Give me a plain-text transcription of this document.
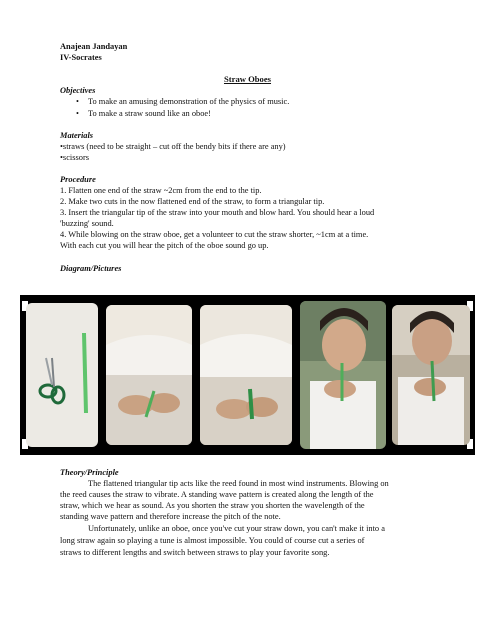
Anajean Jandayan
IV-Socrates
Straw Oboes
Objectives
• To make an amusing demonstration of the physics of music.
• To make a straw sound like an oboe!
Materials
•straws (need to be straight – cut off the bendy bits if there are any)
•scissors
Procedure
1. Flatten one end of the straw ~2cm from the end to the tip.
2. Make two cuts in the now flattened end of the straw, to form a triangular tip.
3. Insert the triangular tip of the straw into your mouth and blow hard. You should hear a loud
'buzzing' sound.
4. While blowing on the straw oboe, get a volunteer to cut the straw shorter, ~1cm at a time.
With each cut you will hear the pitch of the oboe sound go up.
Diagram/Pictures
Theory/Principle
The flattened triangular tip acts like the reed found in most wind instruments. Blowing on
the reed causes the straw to vibrate. A standing wave pattern is created along the length of the
straw, which we hear as sound. As you shorten the straw you shorten the wavelength of the
standing wave pattern and therefore increase the pitch of the note.
Unfortunately, unlike an oboe, once you've cut your straw down, you can't make it into a
long straw again so playing a tune is almost impossible. You could of course cut a series of
straws to different lengths and switch between straws to play your favorite song.
